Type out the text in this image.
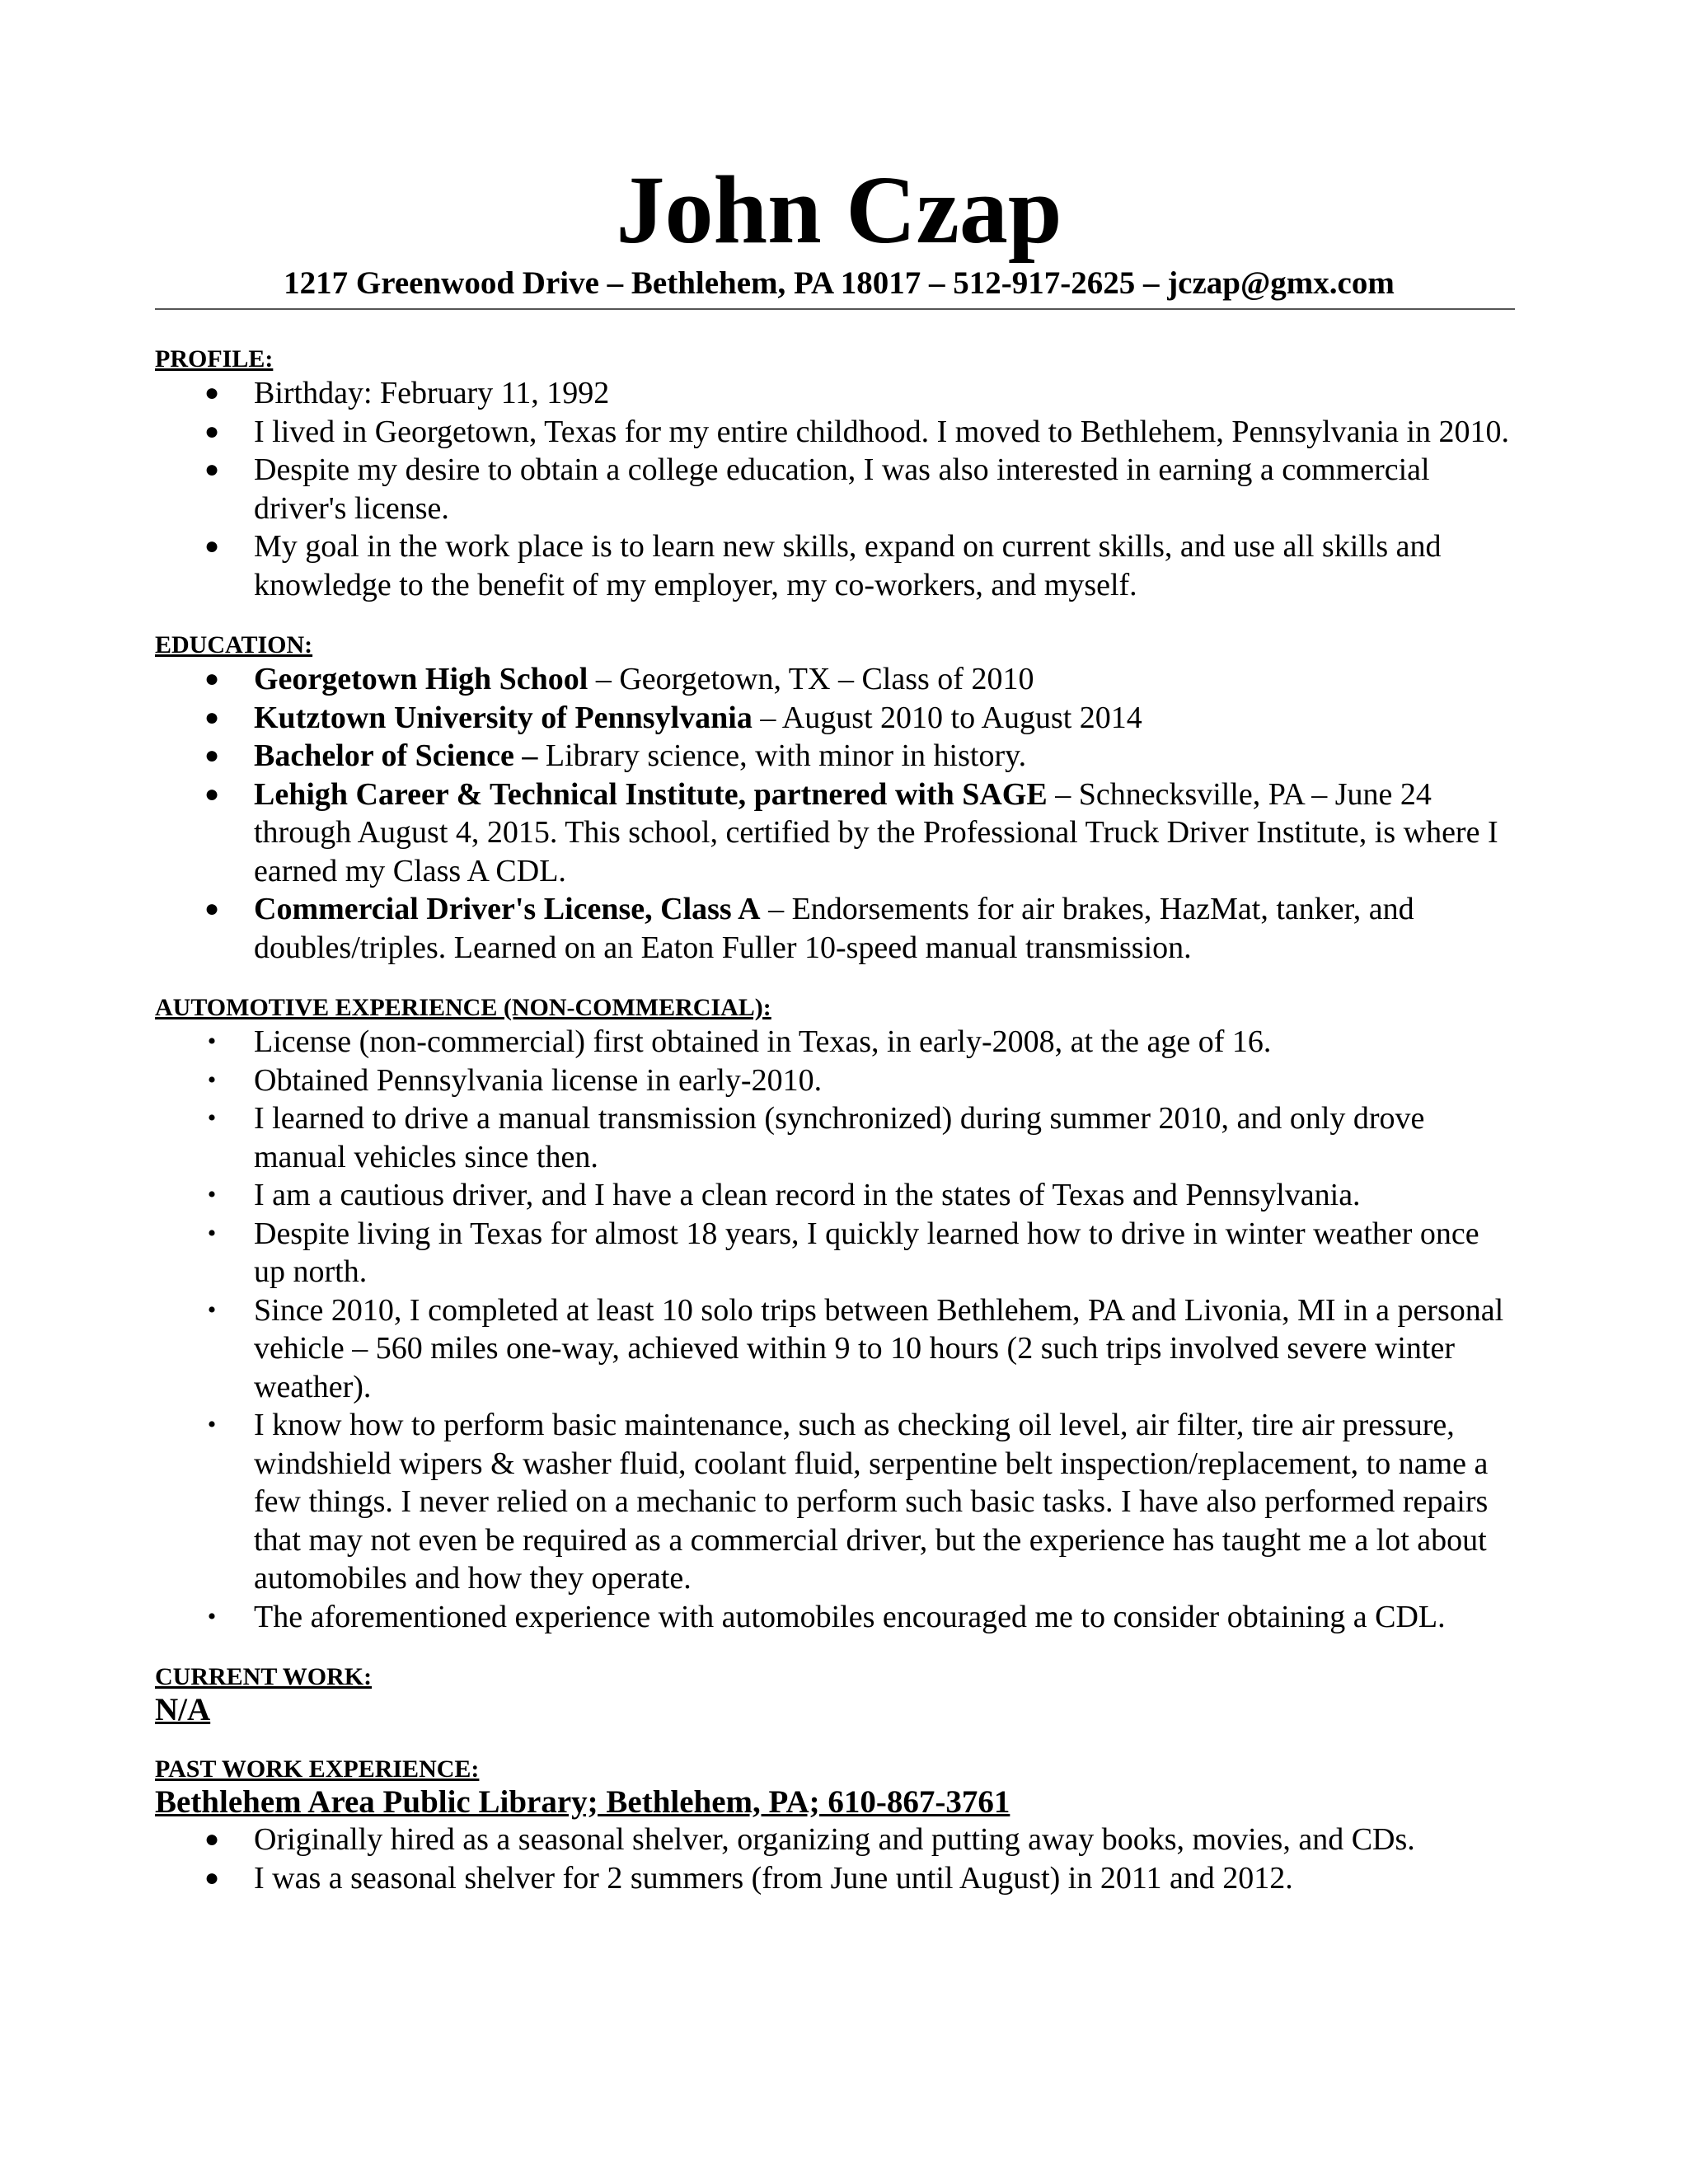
John Czap

1217 Greenwood Drive – Bethlehem, PA 18017 – 512-917-2625 – jczap@gmx.com

PROFILE:

● Birthday: February 11, 1992
● I lived in Georgetown, Texas for my entire childhood. I moved to Bethlehem, Pennsylvania in 2010.
● Despite my desire to obtain a college education, I was also interested in earning a commercial driver's license.
● My goal in the work place is to learn new skills, expand on current skills, and use all skills and knowledge to the benefit of my employer, my co-workers, and myself.

EDUCATION:

● Georgetown High School – Georgetown, TX – Class of 2010
● Kutztown University of Pennsylvania – August 2010 to August 2014
● Bachelor of Science – Library science, with minor in history.
● Lehigh Career & Technical Institute, partnered with SAGE – Schnecksville, PA – June 24 through August 4, 2015. This school, certified by the Professional Truck Driver Institute, is where I earned my Class A CDL.
● Commercial Driver's License, Class A – Endorsements for air brakes, HazMat, tanker, and doubles/triples. Learned on an Eaton Fuller 10-speed manual transmission.

AUTOMOTIVE EXPERIENCE (NON-COMMERCIAL):

• License (non-commercial) first obtained in Texas, in early-2008, at the age of 16.
• Obtained Pennsylvania license in early-2010.
• I learned to drive a manual transmission (synchronized) during summer 2010, and only drove manual vehicles since then.
• I am a cautious driver, and I have a clean record in the states of Texas and Pennsylvania.
• Despite living in Texas for almost 18 years, I quickly learned how to drive in winter weather once up north.
• Since 2010, I completed at least 10 solo trips between Bethlehem, PA and Livonia, MI in a personal vehicle – 560 miles one-way, achieved within 9 to 10 hours (2 such trips involved severe winter weather).
• I know how to perform basic maintenance, such as checking oil level, air filter, tire air pressure, windshield wipers & washer fluid, coolant fluid, serpentine belt inspection/replacement, to name a few things. I never relied on a mechanic to perform such basic tasks. I have also performed repairs that may not even be required as a commercial driver, but the experience has taught me a lot about automobiles and how they operate.
• The aforementioned experience with automobiles encouraged me to consider obtaining a CDL.

CURRENT WORK:

N/A

PAST WORK EXPERIENCE:

Bethlehem Area Public Library; Bethlehem, PA; 610-867-3761

● Originally hired as a seasonal shelver, organizing and putting away books, movies, and CDs.
● I was a seasonal shelver for 2 summers (from June until August) in 2011 and 2012.
